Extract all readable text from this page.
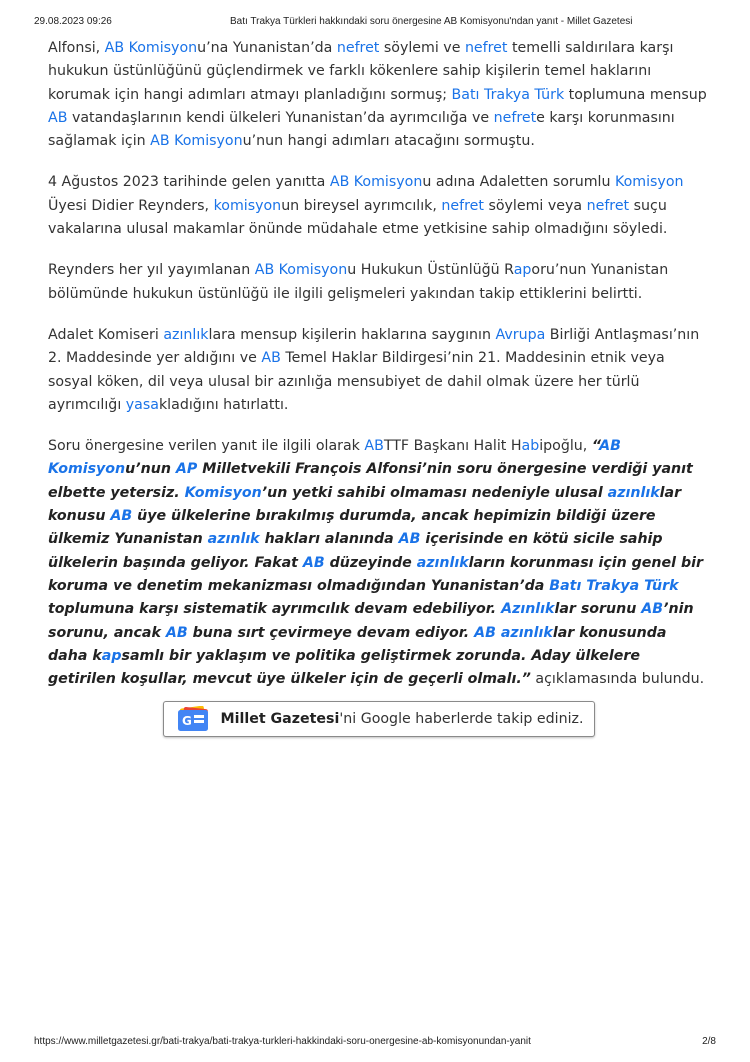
29.08.2023 09:26	Batı Trakya Türkleri hakkındaki soru önergesine AB Komisyonu'ndan yanıt - Millet Gazetesi

Alfonsi, AB Komisyonu’na Yunanistan’da nefret söylemi ve nefret temelli saldırılara karşı hukukun üstünlüğünü güçlendirmek ve farklı kökenlere sahip kişilerin temel haklarını korumak için hangi adımları atmayı planladığını sormuş; Batı Trakya Türk toplumuna mensup AB vatandaşlarının kendi ülkeleri Yunanistan’da ayrımcılığa ve nefrete karşı korunmasını sağlamak için AB Komisyonu’nun hangi adımları atacağını sormuştu.

4 Ağustos 2023 tarihinde gelen yanıtta AB Komisyonu adına Adaletten sorumlu Komisyon Üyesi Didier Reynders, komisyonun bireysel ayrımcılık, nefret söylemi veya nefret suçu vakalarına ulusal makamlar önünde müdahale etme yetkisine sahip olmadığını söyledi.

Reynders her yıl yayımlanan AB Komisyonu Hukukun Üstünlüğü Raporu’nun Yunanistan bölümünde hukukun üstünlüğü ile ilgili gelişmeleri yakından takip ettiklerini belirtti.

Adalet Komiseri azınlıklara mensup kişilerin haklarına saygının Avrupa Birliği Antlaşması’nın 2. Maddesinde yer aldığını ve AB Temel Haklar Bildirgesi’nin 21. Maddesinin etnik veya sosyal köken, dil veya ulusal bir azınlığa mensubiyet de dahil olmak üzere her türlü ayrımcılığı yasakladığını hatırlattı.

Soru önergesine verilen yanıt ile ilgili olarak ABTTF Başkanı Halit Habipoğlu, “AB Komisyonu’nun AP Milletvekili François Alfonsi’nin soru önergesine verdiği yanıt elbette yetersiz. Komisyon’un yetki sahibi olmaması nedeniyle ulusal azınlıklar konusu AB üye ülkelerine bırakılmış durumda, ancak hepimizin bildiği üzere ülkemiz Yunanistan azınlık hakları alanında AB içerisinde en kötü sicile sahip ülkelerin başında geliyor. Fakat AB düzeyinde azınlıkların korunması için genel bir koruma ve denetim mekanizması olmadığından Yunanistan’da Batı Trakya Türk toplumuna karşı sistematik ayrımcılık devam edebiliyor. Azınlıklar sorunu AB’nin sorunu, ancak AB buna sırt çevirmeye devam ediyor. AB azınlıklar konusunda daha kapsamlı bir yaklaşım ve politika geliştirmek zorunda. Aday ülkelere getirilen koşullar, mevcut üye ülkeler için de geçerli olmalı.” açıklamasında bulundu.

G Millet Gazetesi'ni Google haberlerde takip ediniz.
https://www.milletgazetesi.gr/bati-trakya/bati-trakya-turkleri-hakkindaki-soru-onergesine-ab-komisyonundan-yanit	2/8
